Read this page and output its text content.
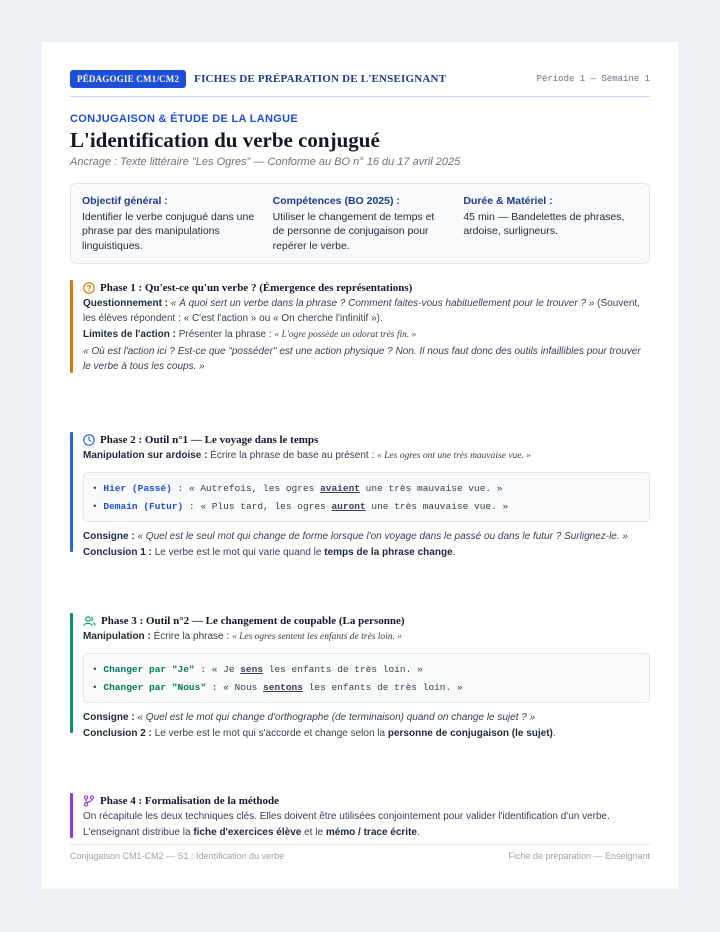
PÉDAGOGIE CM1/CM2	FICHES DE PRÉPARATION DE L'ENSEIGNANT	Période 1 — Semaine 1
CONJUGAISON & ÉTUDE DE LA LANGUE
L'identification du verbe conjugué
Ancrage : Texte littéraire "Les Ogres" — Conforme au BO n° 16 du 17 avril 2025
Objectif général :
Identifier le verbe conjugué dans une phrase par des manipulations linguistiques.
Compétences (BO 2025) :
Utiliser le changement de temps et de personne de conjugaison pour repérer le verbe.
Durée & Matériel :
45 min — Bandelettes de phrases, ardoise, surligneurs.
Phase 1 : Qu'est-ce qu'un verbe ? (Émergence des représentations)
Questionnement : « À quoi sert un verbe dans la phrase ? Comment faites-vous habituellement pour le trouver ? » (Souvent, les élèves répondent : « C'est l'action » ou « On cherche l'infinitif »).
Limites de l'action : Présenter la phrase : « L'ogre possède un odorat très fin. »
« Où est l'action ici ? Est-ce que "posséder" est une action physique ? Non. Il nous faut donc des outils infaillibles pour trouver le verbe à tous les coups. »
Phase 2 : Outil n°1 — Le voyage dans le temps
Manipulation sur ardoise : Écrire la phrase de base au présent : « Les ogres ont une très mauvaise vue. »
• Hier (Passé) : « Autrefois, les ogres avaient une très mauvaise vue. »
• Demain (Futur) : « Plus tard, les ogres auront une très mauvaise vue. »
Consigne : « Quel est le seul mot qui change de forme lorsque l'on voyage dans le passé ou dans le futur ? Surlignez-le. »
Conclusion 1 : Le verbe est le mot qui varie quand le temps de la phrase change.
Phase 3 : Outil n°2 — Le changement de coupable (La personne)
Manipulation : Écrire la phrase : « Les ogres sentent les enfants de très loin. »
• Changer par "Je" : « Je sens les enfants de très loin. »
• Changer par "Nous" : « Nous sentons les enfants de très loin. »
Consigne : « Quel est le mot qui change d'orthographe (de terminaison) quand on change le sujet ? »
Conclusion 2 : Le verbe est le mot qui s'accorde et change selon la personne de conjugaison (le sujet).
Phase 4 : Formalisation de la méthode
On récapitule les deux techniques clés. Elles doivent être utilisées conjointement pour valider l'identification d'un verbe.
L'enseignant distribue la fiche d'exercices élève et le mémo / trace écrite.
Conjugaison CM1-CM2 — S1 : Identification du verbe	Fiche de préparation — Enseignant
